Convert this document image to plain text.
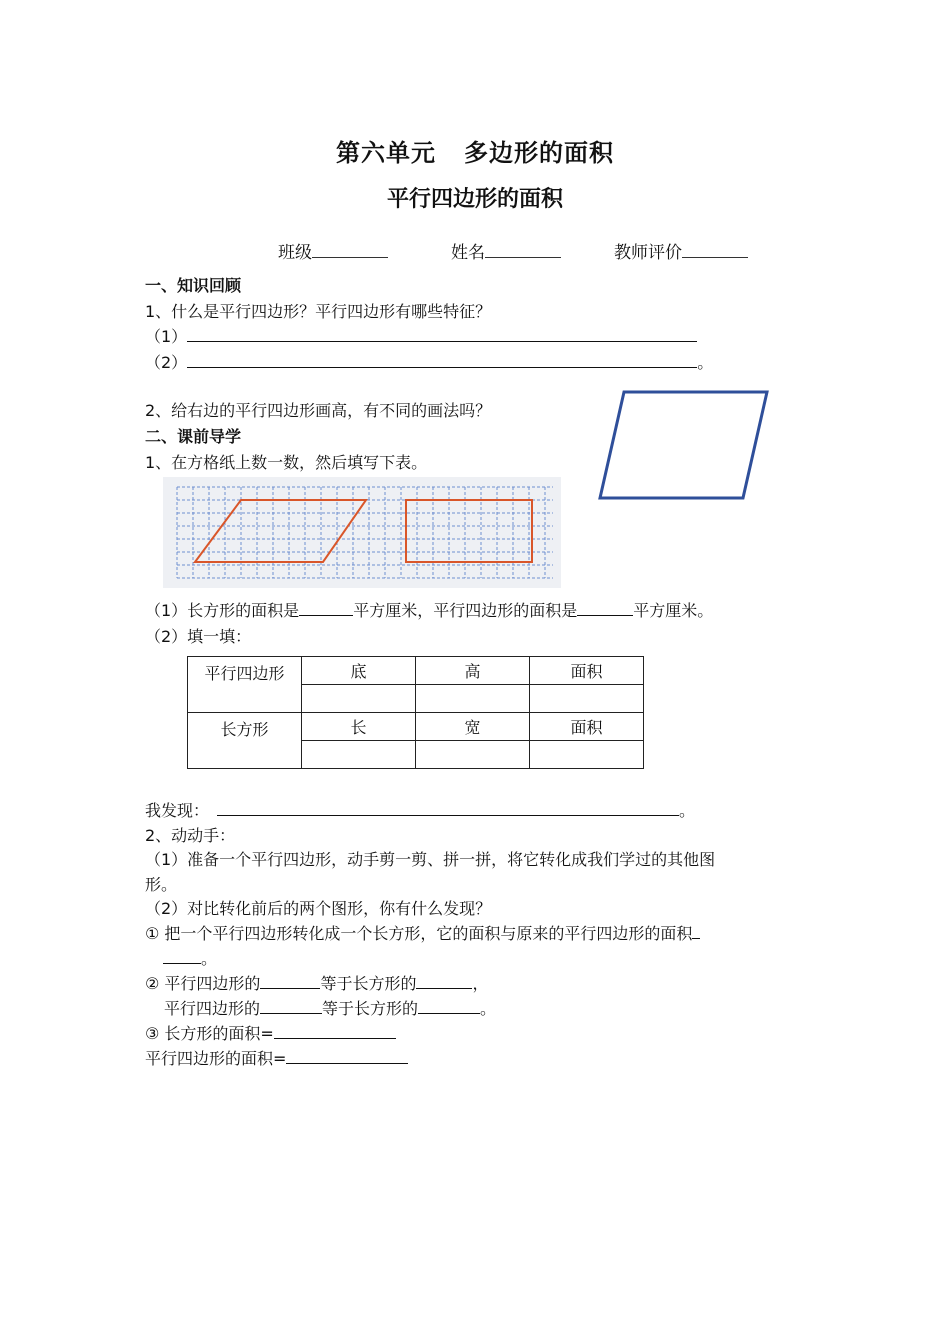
第六单元 多边形的面积
平行四边形的面积
班级	姓名	教师评价
一、知识回顾
1、什么是平行四边形？平行四边形有哪些特征？
（1）
（2）	。
2、给右边的平行四边形画高，有不同的画法吗？
二、课前导学
1、在方格纸上数一数，然后填写下表。
（1）长方形的面积是	平方厘米，平行四边形的面积是	平方厘米。
（2）填一填：
平行四边形	底	高	面积

长方形	长	宽	面积

我发现：	。
2、动动手：
（1）准备一个平行四边形，动手剪一剪、拼一拼，将它转化成我们学过的其他图
形。
（2）对比转化前后的两个图形，你有什么发现？
① 把一个平行四边形转化成一个长方形，它的面积与原来的平行四边形的面积
。
② 平行四边形的	等于长方形的	，
平行四边形的	等于长方形的	。
③ 长方形的面积=
平行四边形的面积=
